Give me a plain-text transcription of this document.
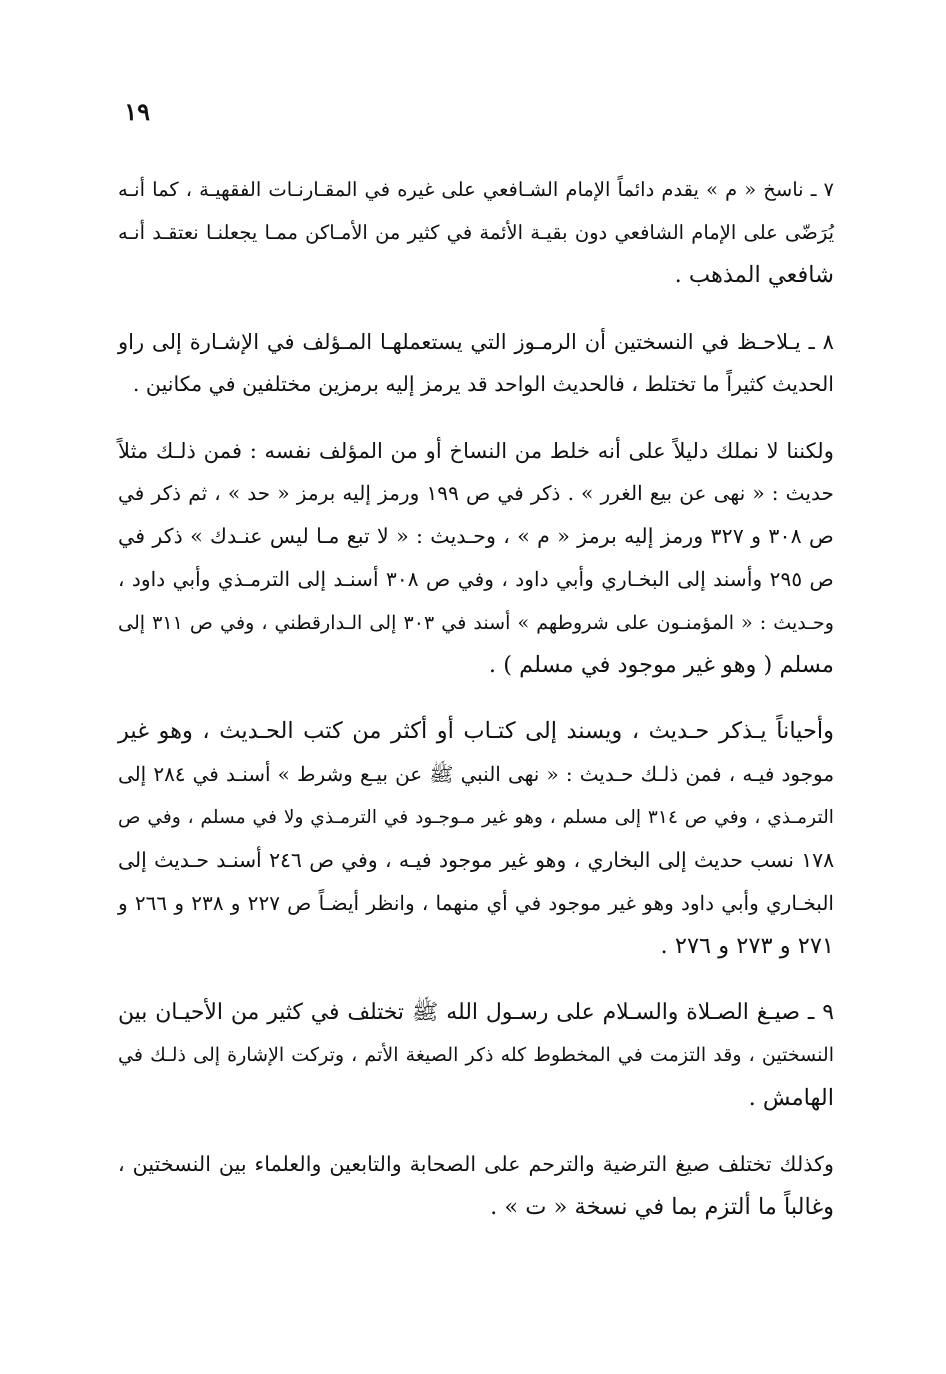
١٩
٧ ـ ناسخ « م » يقدم دائماً الإمام الشـافعي على غيره في المقـارنـات الفقهيـة ، كما أنـه
يُرَضّى على الإمام الشافعي دون بقيـة الأئمة في كثير من الأمـاكن ممـا يجعلنـا نعتقـد أنـه
شافعي المذهب .
٨ ـ يـلاحـظ في النسختين أن الرمـوز التي يستعملهـا المـؤلف في الإشـارة إلى راو
الحديث كثيراً ما تختلط ، فالحديث الواحد قد يرمز إليه برمزين مختلفين في مكانين .
ولكننا لا نملك دليلاً على أنه خلط من النساخ أو من المؤلف نفسه : فمن ذلـك مثلاً
حديث : « نهى عن بيع الغرر » . ذكر في ص ١٩٩ ورمز إليه برمز « حد » ، ثم ذكر في
ص ٣٠٨ و ٣٢٧ ورمز إليه برمز « م » ، وحـديث : « لا تبع مـا ليس عنـدك » ذكر في
ص ٢٩٥ وأسند إلى البخـاري وأبي داود ، وفي ص ٣٠٨ أسنـد إلى الترمـذي وأبي داود ،
وحـديث : « المؤمنـون على شروطهم » أسند في ٣٠٣ إلى الـدارقطني ، وفي ص ٣١١ إلى
مسلم ( وهو غير موجود في مسلم ) .
وأحياناً يـذكر حـديث ، ويسند إلى كتـاب أو أكثر من كتب الحـديث ، وهو غير
موجود فيـه ، فمن ذلـك حـديث : « نهى النبي ﷺ عن بيـع وشرط » أسنـد في ٢٨٤ إلى
الترمـذي ، وفي ص ٣١٤ إلى مسلم ، وهو غير مـوجـود في الترمـذي ولا في مسلم ، وفي ص
١٧٨ نسب حديث إلى البخاري ، وهو غير موجود فيـه ، وفي ص ٢٤٦ أسنـد حـديث إلى
البخـاري وأبي داود وهو غير موجود في أي منهما ، وانظر أيضـاً ص ٢٢٧ و ٢٣٨ و ٢٦٦ و
٢٧١ و ٢٧٣ و ٢٧٦ .
٩ ـ صيـغ الصـلاة والسـلام على رسـول الله ﷺ تختلف في كثير من الأحيـان بين
النسختين ، وقد التزمت في المخطوط كله ذكر الصيغة الأتم ، وتركت الإشارة إلى ذلـك في
الهامش .
وكذلك تختلف صيغ الترضية والترحم على الصحابة والتابعين والعلماء بين النسختين ،
وغالباً ما ألتزم بما في نسخة « ت » .
